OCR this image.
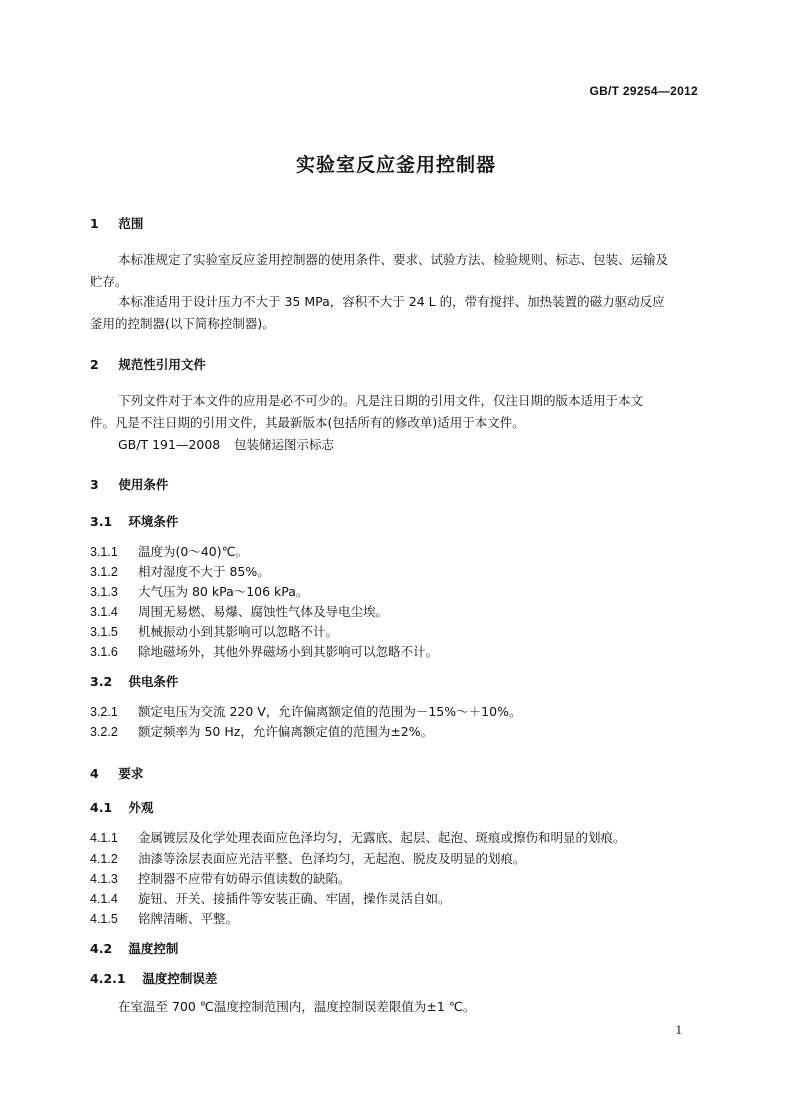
GB/T 29254—2012
实验室反应釜用控制器
1 范围
本标准规定了实验室反应釜用控制器的使用条件、要求、试验方法、检验规则、标志、包装、运输及
贮存。
本标准适用于设计压力不大于 35 MPa，容积不大于 24 L 的，带有搅拌、加热装置的磁力驱动反应
釜用的控制器(以下简称控制器)。
2 规范性引用文件
下列文件对于本文件的应用是必不可少的。凡是注日期的引用文件，仅注日期的版本适用于本文
件。凡是不注日期的引用文件，其最新版本(包括所有的修改单)适用于本文件。
GB/T 191—2008 包装储运图示标志
3 使用条件
3.1 环境条件
3.1.1 温度为(0～40)℃。
3.1.2 相对湿度不大于 85%。
3.1.3 大气压为 80 kPa～106 kPa。
3.1.4 周围无易燃、易爆、腐蚀性气体及导电尘埃。
3.1.5 机械振动小到其影响可以忽略不计。
3.1.6 除地磁场外，其他外界磁场小到其影响可以忽略不计。
3.2 供电条件
3.2.1 额定电压为交流 220 V，允许偏离额定值的范围为－15%～＋10%。
3.2.2 额定频率为 50 Hz，允许偏离额定值的范围为±2%。
4 要求
4.1 外观
4.1.1 金属镀层及化学处理表面应色泽均匀，无露底、起层、起泡、斑痕或擦伤和明显的划痕。
4.1.2 油漆等涂层表面应光洁平整、色泽均匀，无起泡、脱皮及明显的划痕。
4.1.3 控制器不应带有妨碍示值读数的缺陷。
4.1.4 旋钮、开关、接插件等安装正确、牢固，操作灵活自如。
4.1.5 铭牌清晰、平整。
4.2 温度控制
4.2.1 温度控制误差
在室温至 700 ℃温度控制范围内，温度控制误差限值为±1 ℃。
1
